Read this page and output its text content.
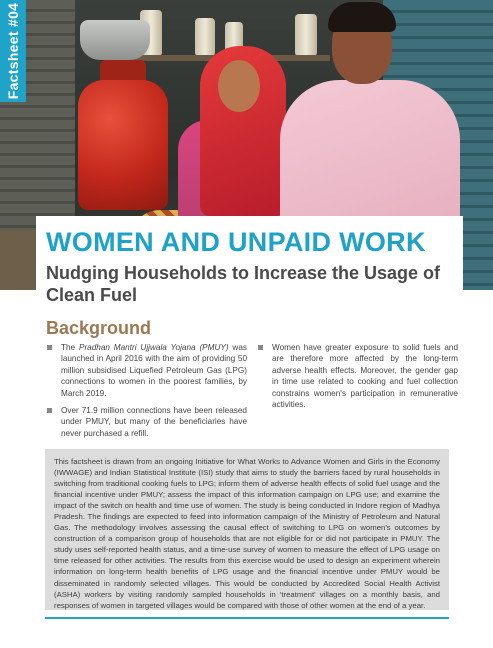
Factsheet #04
WOMEN AND UNPAID WORK
Nudging Households to Increase the Usage of Clean Fuel
Background
The Pradhan Mantri Ujjwala Yojana (PMUY) was launched in April 2016 with the aim of providing 50 million subsidised Liquefied Petroleum Gas (LPG) connections to women in the poorest families, by March 2019.
Over 71.9 million connections have been released under PMUY, but many of the beneficiaries have never purchased a refill.
Women have greater exposure to solid fuels and are therefore more affected by the long-term adverse health effects. Moreover, the gender gap in time use related to cooking and fuel collection constrains women's participation in remunerative activities.

This factsheet is drawn from an ongoing Initiative for What Works to Advance Women and Girls in the Economy (IWWAGE) and Indian Statistical Institute (ISI) study that aims to study the barriers faced by rural households in switching from traditional cooking fuels to LPG; inform them of adverse health effects of solid fuel usage and the financial incentive under PMUY; assess the impact of this information campaign on LPG use; and examine the impact of the switch on health and time use of women. The study is being conducted in Indore region of Madhya Pradesh. The findings are expected to feed into information campaign of the Ministry of Petroleum and Natural Gas. The methodology involves assessing the causal effect of switching to LPG on women's outcomes by construction of a comparison group of households that are not eligible for or did not participate in PMUY. The study uses self-reported health status, and a time-use survey of women to measure the effect of LPG usage on time released for other activities. The results from this exercise would be used to design an experiment wherein information on long-term health benefits of LPG usage and the financial incentive under PMUY would be disseminated in randomly selected villages. This would be conducted by Accredited Social Health Activist (ASHA) workers by visiting randomly sampled households in 'treatment' villages on a monthly basis, and responses of women in targeted villages would be compared with those of other women at the end of a year.
